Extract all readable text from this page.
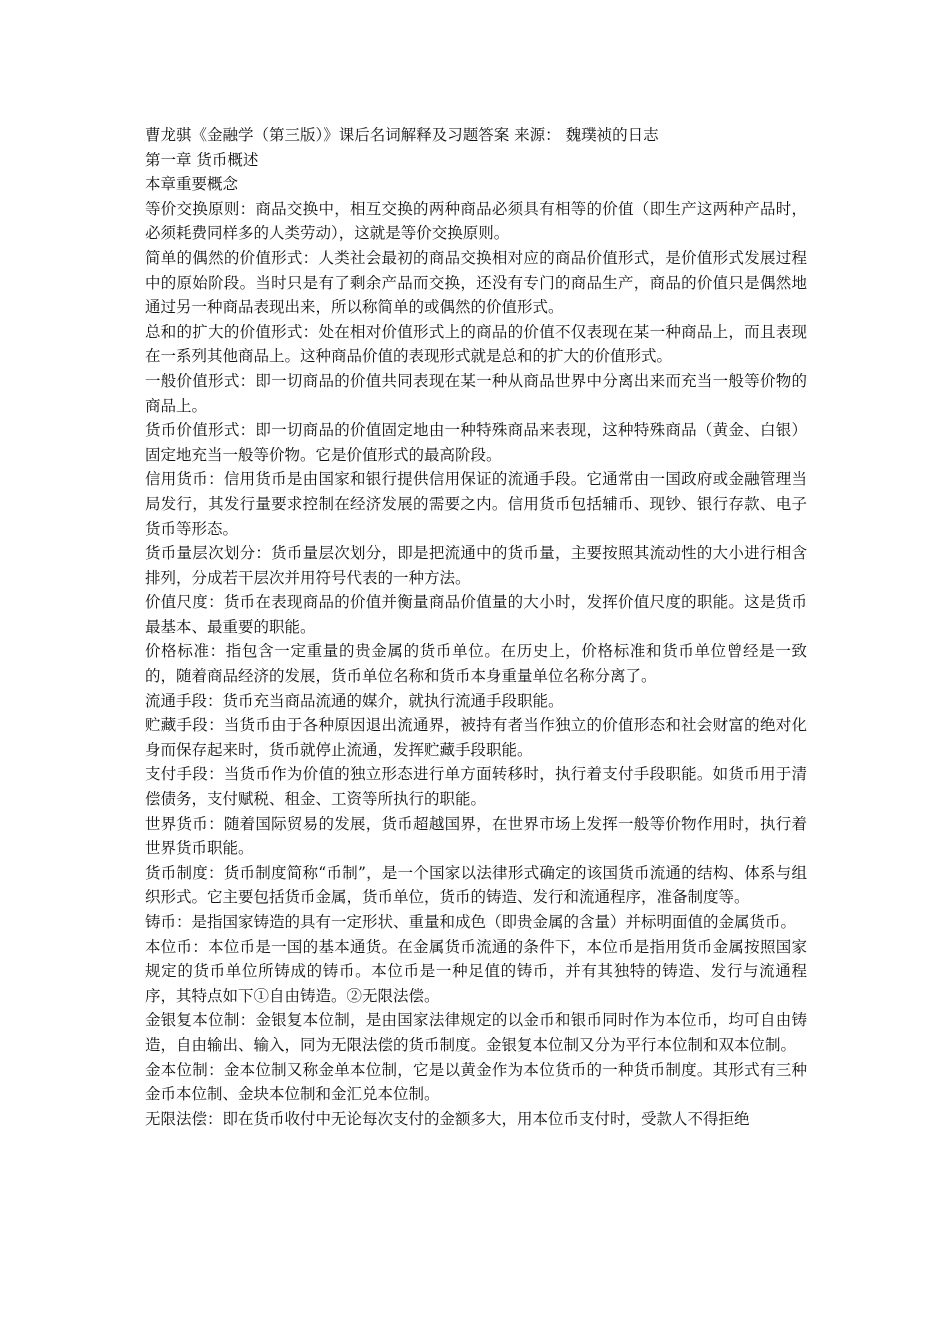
曹龙骐《金融学（第三版）》课后名词解释及习题答案 来源： 魏璞祯的日志
第一章 货币概述
本章重要概念

等价交换原则：商品交换中，相互交换的两种商品必须具有相等的价值（即生产这两种产品时，必须耗费同样多的人类劳动），这就是等价交换原则。

简单的偶然的价值形式：人类社会最初的商品交换相对应的商品价值形式，是价值形式发展过程中的原始阶段。当时只是有了剩余产品而交换，还没有专门的商品生产，商品的价值只是偶然地通过另一种商品表现出来，所以称简单的或偶然的价值形式。

总和的扩大的价值形式：处在相对价值形式上的商品的价值不仅表现在某一种商品上，而且表现在一系列其他商品上。这种商品价值的表现形式就是总和的扩大的价值形式。

一般价值形式：即一切商品的价值共同表现在某一种从商品世界中分离出来而充当一般等价物的商品上。

货币价值形式：即一切商品的价值固定地由一种特殊商品来表现，这种特殊商品（黄金、白银）固定地充当一般等价物。它是价值形式的最高阶段。

信用货币：信用货币是由国家和银行提供信用保证的流通手段。它通常由一国政府或金融管理当局发行，其发行量要求控制在经济发展的需要之内。信用货币包括辅币、现钞、银行存款、电子货币等形态。

货币量层次划分：货币量层次划分，即是把流通中的货币量，主要按照其流动性的大小进行相含排列，分成若干层次并用符号代表的一种方法。

价值尺度：货币在表现商品的价值并衡量商品价值量的大小时，发挥价值尺度的职能。这是货币最基本、最重要的职能。

价格标准：指包含一定重量的贵金属的货币单位。在历史上，价格标准和货币单位曾经是一致的，随着商品经济的发展，货币单位名称和货币本身重量单位名称分离了。

流通手段：货币充当商品流通的媒介，就执行流通手段职能。

贮藏手段：当货币由于各种原因退出流通界，被持有者当作独立的价值形态和社会财富的绝对化身而保存起来时，货币就停止流通，发挥贮藏手段职能。

支付手段：当货币作为价值的独立形态进行单方面转移时，执行着支付手段职能。如货币用于清偿债务，支付赋税、租金、工资等所执行的职能。

世界货币：随着国际贸易的发展，货币超越国界，在世界市场上发挥一般等价物作用时，执行着世界货币职能。

货币制度：货币制度简称“币制”，是一个国家以法律形式确定的该国货币流通的结构、体系与组织形式。它主要包括货币金属，货币单位，货币的铸造、发行和流通程序，准备制度等。

铸币：是指国家铸造的具有一定形状、重量和成色（即贵金属的含量）并标明面值的金属货币。

本位币：本位币是一国的基本通货。在金属货币流通的条件下，本位币是指用货币金属按照国家规定的货币单位所铸成的铸币。本位币是一种足值的铸币，并有其独特的铸造、发行与流通程序，其特点如下①自由铸造。②无限法偿。

金银复本位制：金银复本位制，是由国家法律规定的以金币和银币同时作为本位币，均可自由铸造，自由输出、输入，同为无限法偿的货币制度。金银复本位制又分为平行本位制和双本位制。

金本位制：金本位制又称金单本位制，它是以黄金作为本位货币的一种货币制度。其形式有三种金币本位制、金块本位制和金汇兑本位制。

无限法偿：即在货币收付中无论每次支付的金额多大，用本位币支付时，受款人不得拒绝
